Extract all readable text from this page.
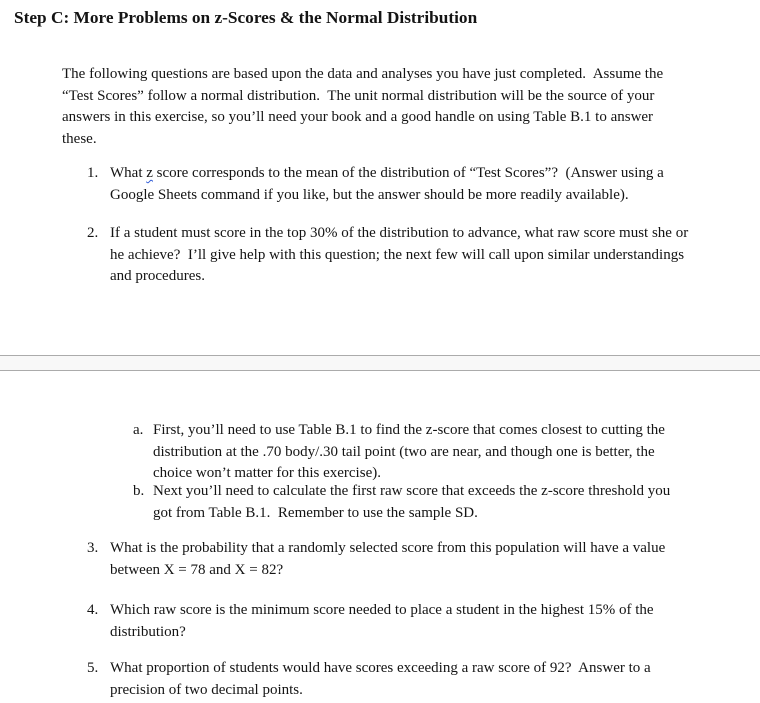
Step C: More Problems on z-Scores & the Normal Distribution
The following questions are based upon the data and analyses you have just completed.  Assume the
“Test Scores” follow a normal distribution.  The unit normal distribution will be the source of your
answers in this exercise, so you’ll need your book and a good handle on using Table B.1 to answer
these.
1. What z score corresponds to the mean of the distribution of “Test Scores”?  (Answer using a
Google Sheets command if you like, but the answer should be more readily available).
2. If a student must score in the top 30% of the distribution to advance, what raw score must she or
he achieve?  I’ll give help with this question; the next few will call upon similar understandings
and procedures.
a. First, you’ll need to use Table B.1 to find the z-score that comes closest to cutting the
distribution at the .70 body/.30 tail point (two are near, and though one is better, the
choice won’t matter for this exercise).
b. Next you’ll need to calculate the first raw score that exceeds the z-score threshold you
got from Table B.1.  Remember to use the sample SD.
3. What is the probability that a randomly selected score from this population will have a value
between X = 78 and X = 82?
4. Which raw score is the minimum score needed to place a student in the highest 15% of the
distribution?
5. What proportion of students would have scores exceeding a raw score of 92?  Answer to a
precision of two decimal points.
